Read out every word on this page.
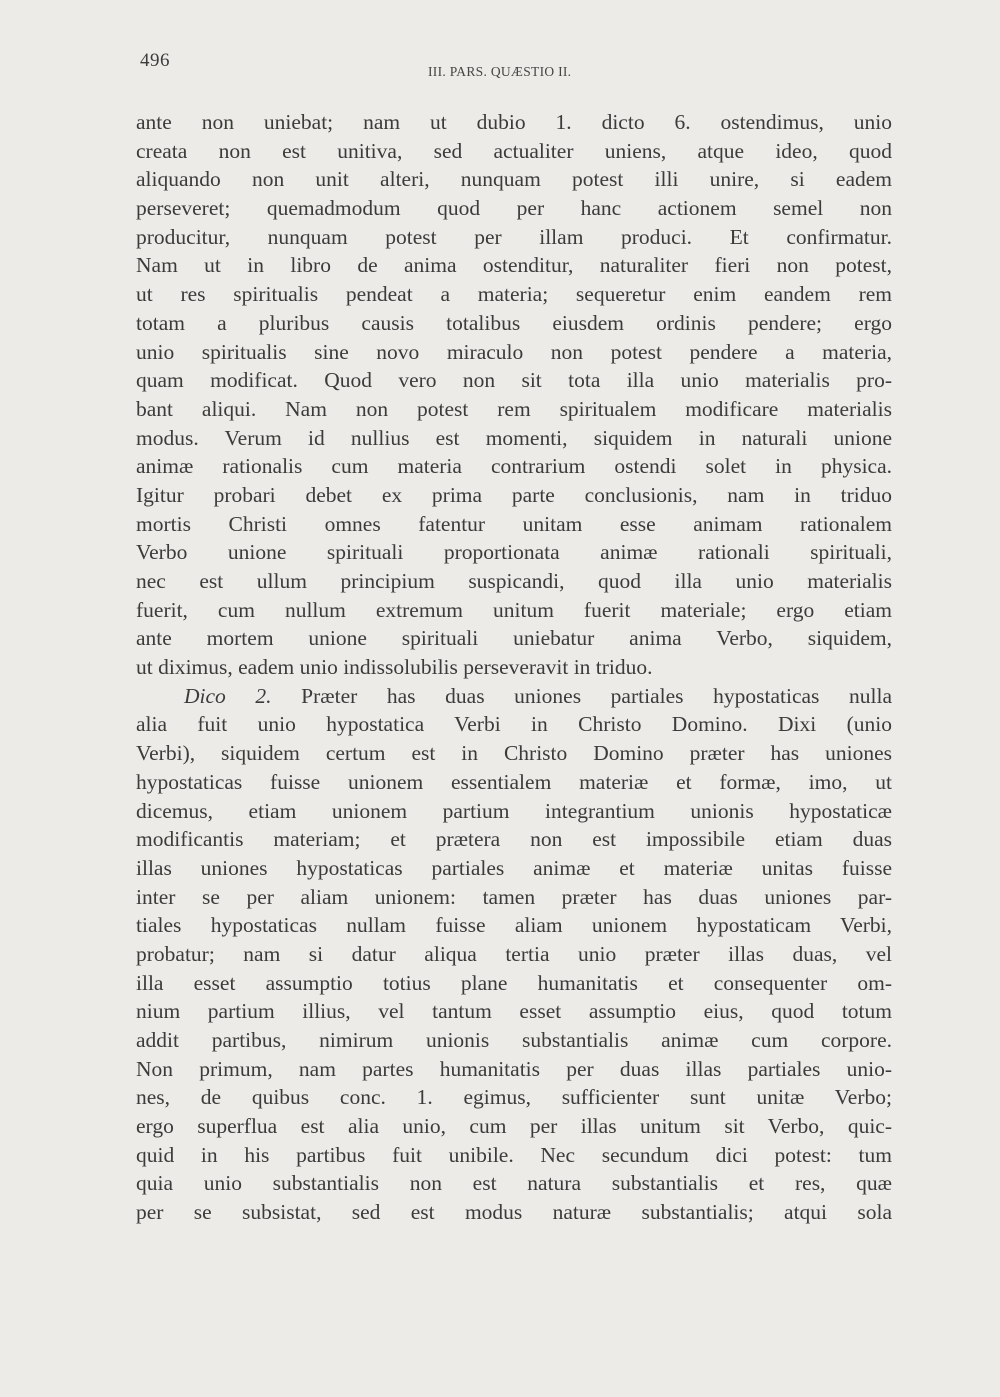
496
III. PARS. QUÆSTIO II.
ante non uniebat; nam ut dubio 1. dicto 6. ostendimus, unio
creata non est unitiva, sed actualiter uniens, atque ideo, quod
aliquando non unit alteri, nunquam potest illi unire, si eadem
perseveret; quemadmodum quod per hanc actionem semel non
producitur, nunquam potest per illam produci. Et confirmatur.
Nam ut in libro de anima ostenditur, naturaliter fieri non potest,
ut res spiritualis pendeat a materia; sequeretur enim eandem rem
totam a pluribus causis totalibus eiusdem ordinis pendere; ergo
unio spiritualis sine novo miraculo non potest pendere a materia,
quam modificat. Quod vero non sit tota illa unio materialis pro-
bant aliqui. Nam non potest rem spiritualem modificare materialis
modus. Verum id nullius est momenti, siquidem in naturali unione
animæ rationalis cum materia contrarium ostendi solet in physica.
Igitur probari debet ex prima parte conclusionis, nam in triduo
mortis Christi omnes fatentur unitam esse animam rationalem
Verbo unione spirituali proportionata animæ rationali spirituali,
nec est ullum principium suspicandi, quod illa unio materialis
fuerit, cum nullum extremum unitum fuerit materiale; ergo etiam
ante mortem unione spirituali uniebatur anima Verbo, siquidem,
ut diximus, eadem unio indissolubilis perseveravit in triduo.
Dico 2. Præter has duas uniones partiales hypostaticas nulla
alia fuit unio hypostatica Verbi in Christo Domino. Dixi (unio
Verbi), siquidem certum est in Christo Domino præter has uniones
hypostaticas fuisse unionem essentialem materiæ et formæ, imo, ut
dicemus, etiam unionem partium integrantium unionis hypostaticæ
modificantis materiam; et prætera non est impossibile etiam duas
illas uniones hypostaticas partiales animæ et materiæ unitas fuisse
inter se per aliam unionem: tamen præter has duas uniones par-
tiales hypostaticas nullam fuisse aliam unionem hypostaticam Verbi,
probatur; nam si datur aliqua tertia unio præter illas duas, vel
illa esset assumptio totius plane humanitatis et consequenter om-
nium partium illius, vel tantum esset assumptio eius, quod totum
addit partibus, nimirum unionis substantialis animæ cum corpore.
Non primum, nam partes humanitatis per duas illas partiales unio-
nes, de quibus conc. 1. egimus, sufficienter sunt unitæ Verbo;
ergo superflua est alia unio, cum per illas unitum sit Verbo, quic-
quid in his partibus fuit unibile. Nec secundum dici potest: tum
quia unio substantialis non est natura substantialis et res, quæ
per se subsistat, sed est modus naturæ substantialis; atqui sola
